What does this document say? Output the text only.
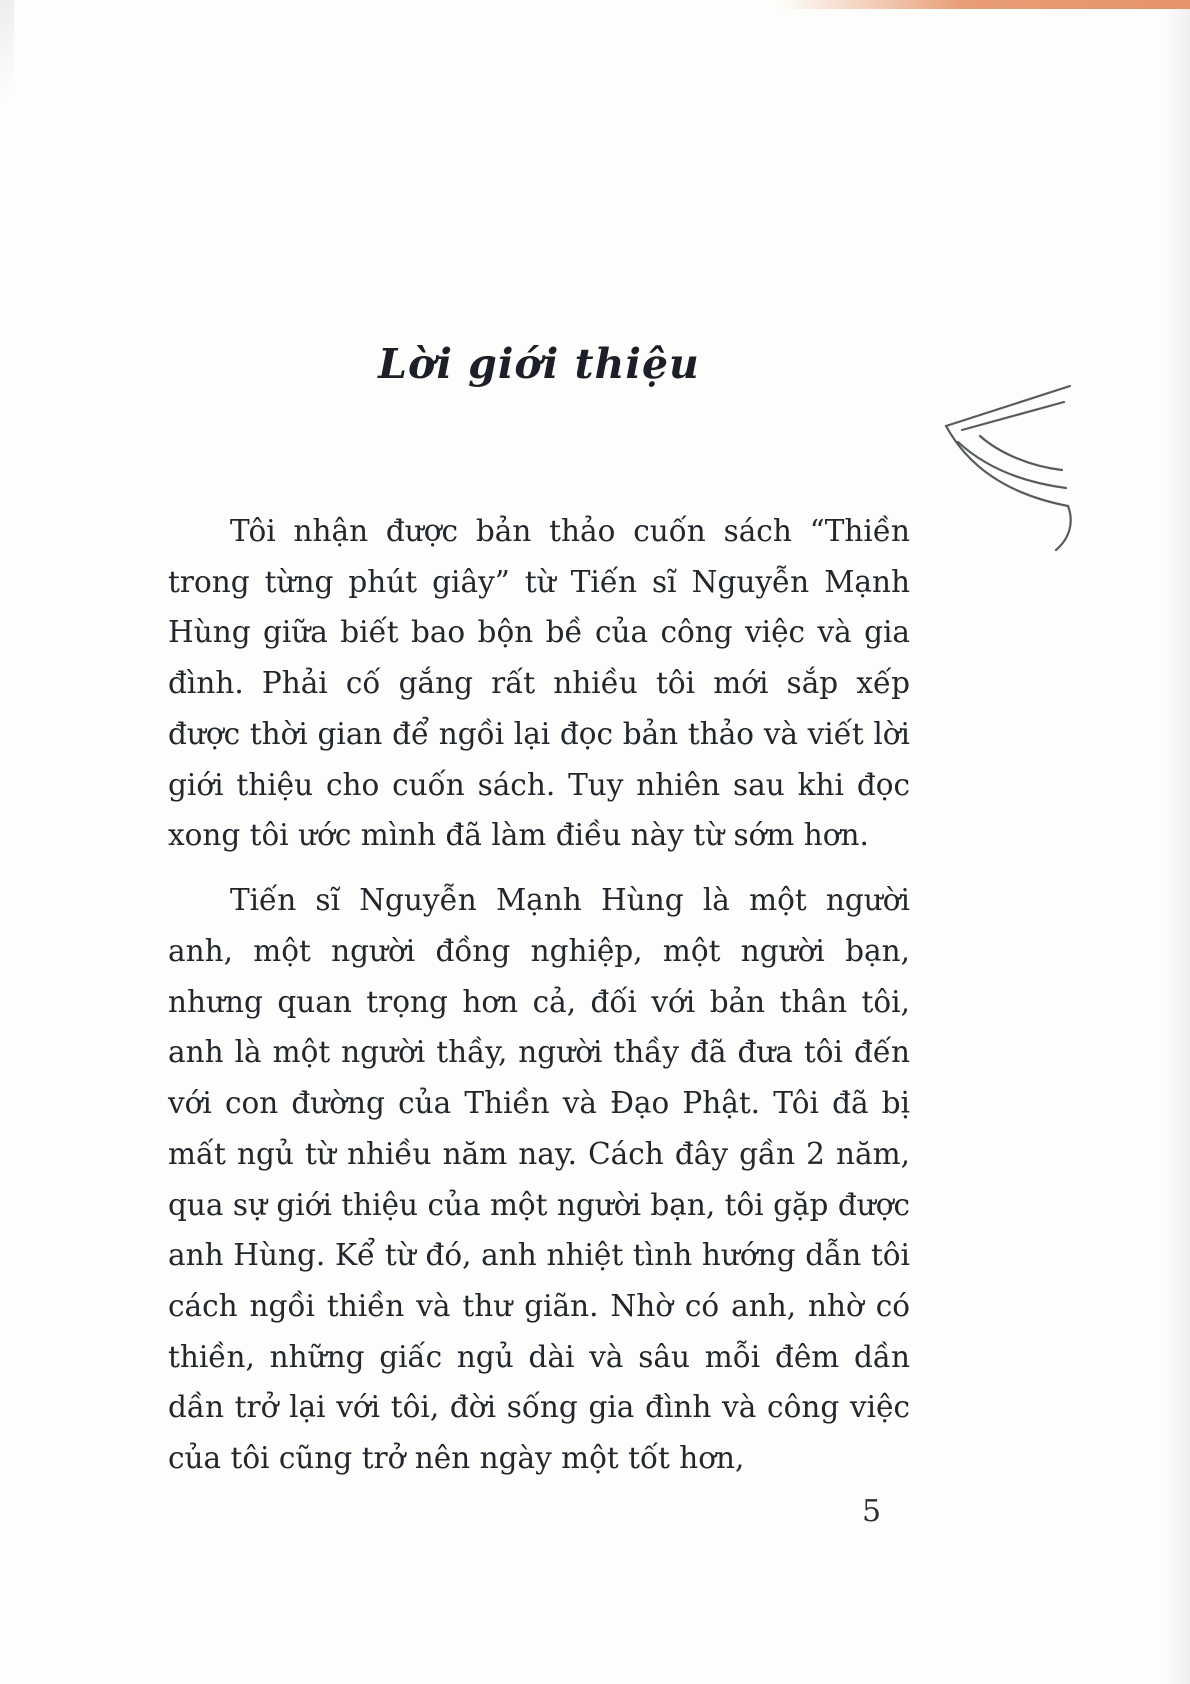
Lời giới thiệu

Tôi nhận được bản thảo cuốn sách “Thiền trong từng phút giây” từ Tiến sĩ Nguyễn Mạnh Hùng giữa biết bao bộn bề của công việc và gia đình. Phải cố gắng rất nhiều tôi mới sắp xếp được thời gian để ngồi lại đọc bản thảo và viết lời giới thiệu cho cuốn sách. Tuy nhiên sau khi đọc xong tôi ước mình đã làm điều này từ sớm hơn.

Tiến sĩ Nguyễn Mạnh Hùng là một người anh, một người đồng nghiệp, một người bạn, nhưng quan trọng hơn cả, đối với bản thân tôi, anh là một người thầy, người thầy đã đưa tôi đến với con đường của Thiền và Đạo Phật. Tôi đã bị mất ngủ từ nhiều năm nay. Cách đây gần 2 năm, qua sự giới thiệu của một người bạn, tôi gặp được anh Hùng. Kể từ đó, anh nhiệt tình hướng dẫn tôi cách ngồi thiền và thư giãn. Nhờ có anh, nhờ có thiền, những giấc ngủ dài và sâu mỗi đêm dần dần trở lại với tôi, đời sống gia đình và công việc của tôi cũng trở nên ngày một tốt hơn,

5
